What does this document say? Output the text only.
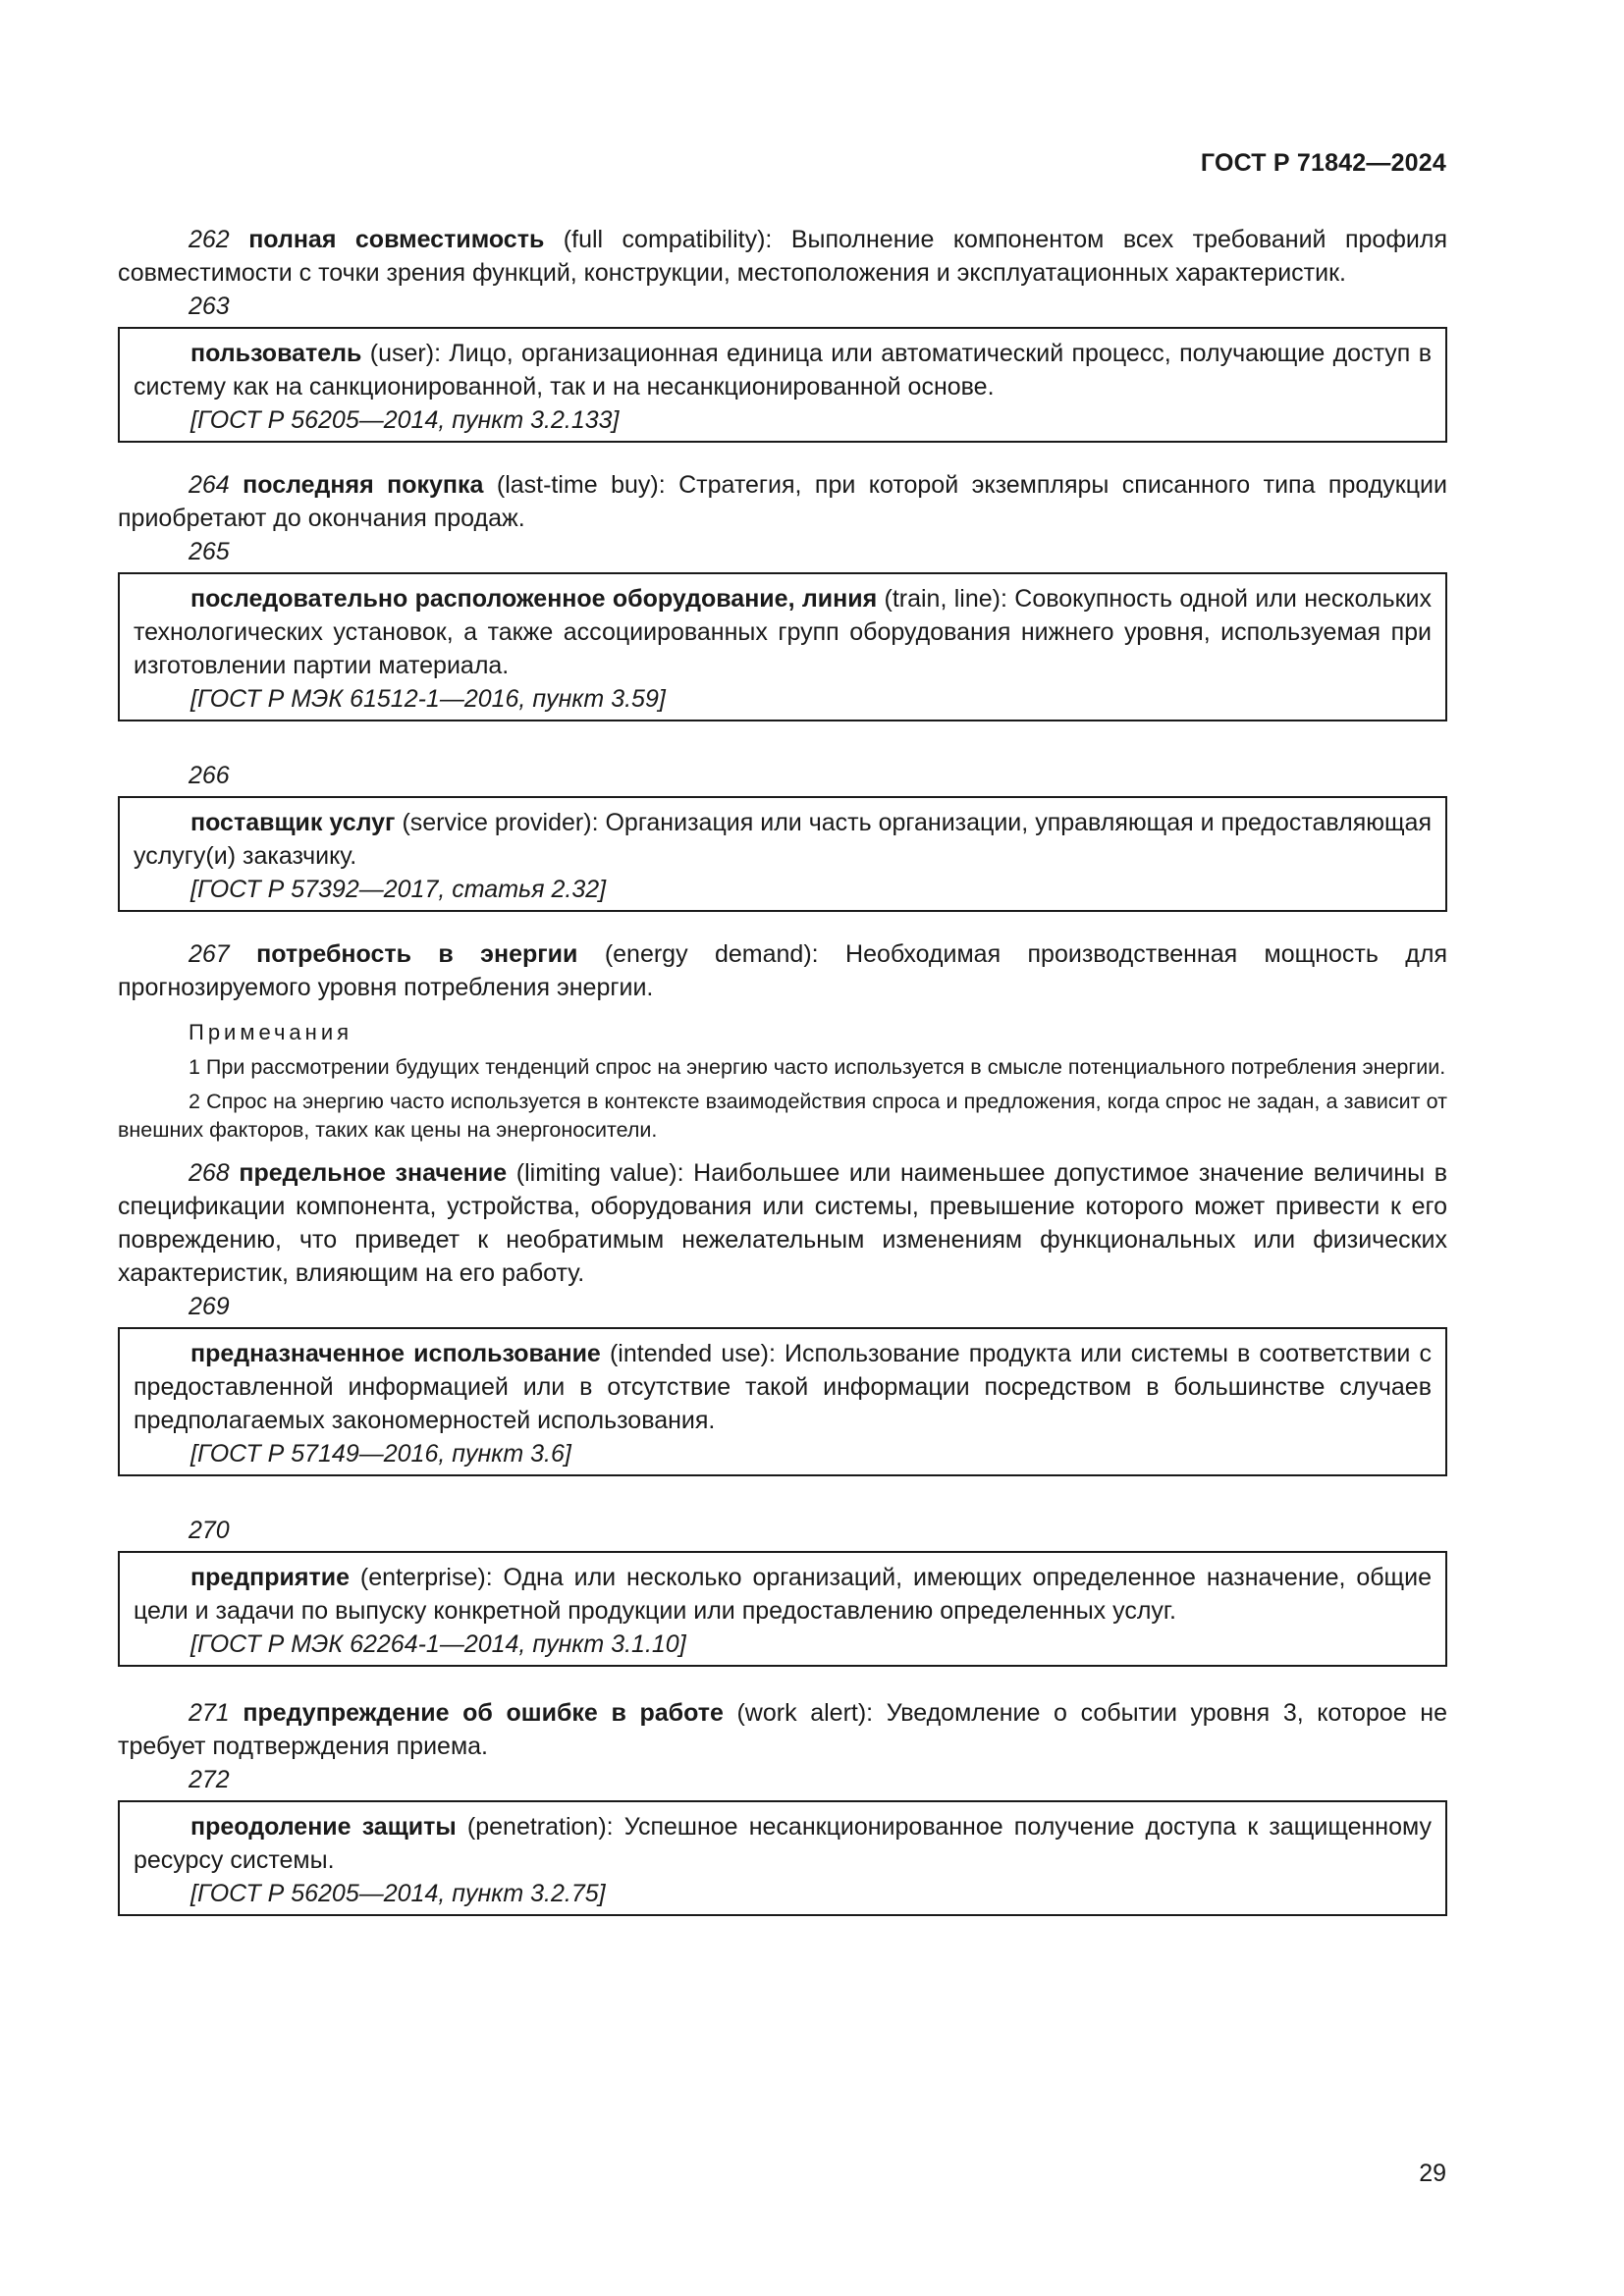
ГОСТ Р 71842—2024

262 полная совместимость (full compatibility): Выполнение компонентом всех требований профиля совместимости с точки зрения функций, конструкции, местоположения и эксплуатационных характеристик.

263

пользователь (user): Лицо, организационная единица или автоматический процесс, получающие доступ в систему как на санкционированной, так и на несанкционированной основе.

[ГОСТ Р 56205—2014, пункт 3.2.133]

264 последняя покупка (last-time buy): Стратегия, при которой экземпляры списанного типа продукции приобретают до окончания продаж.

265

последовательно расположенное оборудование, линия (train, line): Совокупность одной или нескольких технологических установок, а также ассоциированных групп оборудования нижнего уровня, используемая при изготовлении партии материала.

[ГОСТ Р МЭК 61512-1—2016, пункт 3.59]

266

поставщик услуг (service provider): Организация или часть организации, управляющая и предоставляющая услугу(и) заказчику.

[ГОСТ Р 57392—2017, статья 2.32]

267 потребность в энергии (energy demand): Необходимая производственная мощность для прогнозируемого уровня потребления энергии.

Примечания

1 При рассмотрении будущих тенденций спрос на энергию часто используется в смысле потенциального потребления энергии.

2 Спрос на энергию часто используется в контексте взаимодействия спроса и предложения, когда спрос не задан, а зависит от внешних факторов, таких как цены на энергоносители.

268 предельное значение (limiting value): Наибольшее или наименьшее допустимое значение величины в спецификации компонента, устройства, оборудования или системы, превышение которого может привести к его повреждению, что приведет к необратимым нежелательным изменениям функциональных или физических характеристик, влияющим на его работу.

269

предназначенное использование (intended use): Использование продукта или системы в соответствии с предоставленной информацией или в отсутствие такой информации посредством в большинстве случаев предполагаемых закономерностей использования.

[ГОСТ Р 57149—2016, пункт 3.6]

270

предприятие (enterprise): Одна или несколько организаций, имеющих определенное назначение, общие цели и задачи по выпуску конкретной продукции или предоставлению определенных услуг.

[ГОСТ Р МЭК 62264-1—2014, пункт 3.1.10]

271 предупреждение об ошибке в работе (work alert): Уведомление о событии уровня 3, которое не требует подтверждения приема.

272

преодоление защиты (penetration): Успешное несанкционированное получение доступа к защищенному ресурсу системы.

[ГОСТ Р 56205—2014, пункт 3.2.75]

29
